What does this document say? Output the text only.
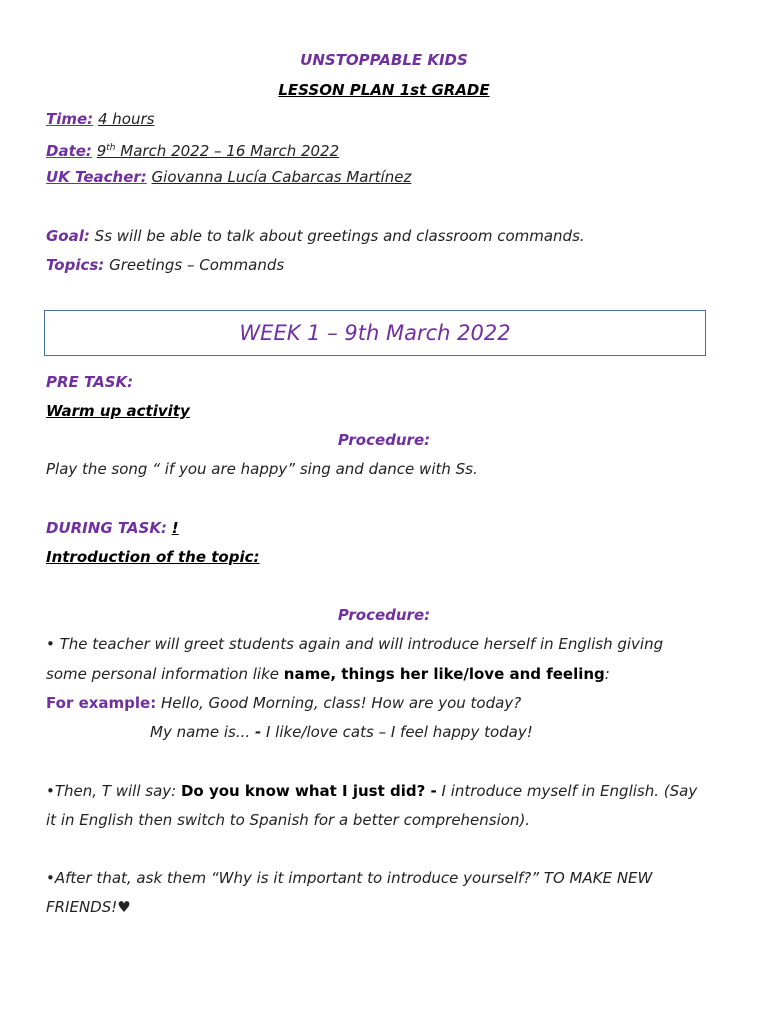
UNSTOPPABLE KIDS
LESSON PLAN 1st GRADE
Time: 4 hours
Date: 9th March 2022 – 16 March 2022
UK Teacher: Giovanna Lucía Cabarcas Martínez
Goal: Ss will be able to talk about greetings and classroom commands.
Topics: Greetings – Commands
WEEK 1 – 9th March 2022
PRE TASK:
Warm up activity
Procedure:
Play the song “ if you are happy” sing and dance with Ss.
DURING TASK: !
Introduction of the topic:
Procedure:
• The teacher will greet students again and will introduce herself in English giving
some personal information like name, things her like/love and feeling:
For example: Hello, Good Morning, class! How are you today?
My name is... - I like/love cats – I feel happy today!
•Then, T will say: Do you know what I just did? - I introduce myself in English. (Say
it in English then switch to Spanish for a better comprehension).
•After that, ask them “Why is it important to introduce yourself?” TO MAKE NEW
FRIENDS!♥
